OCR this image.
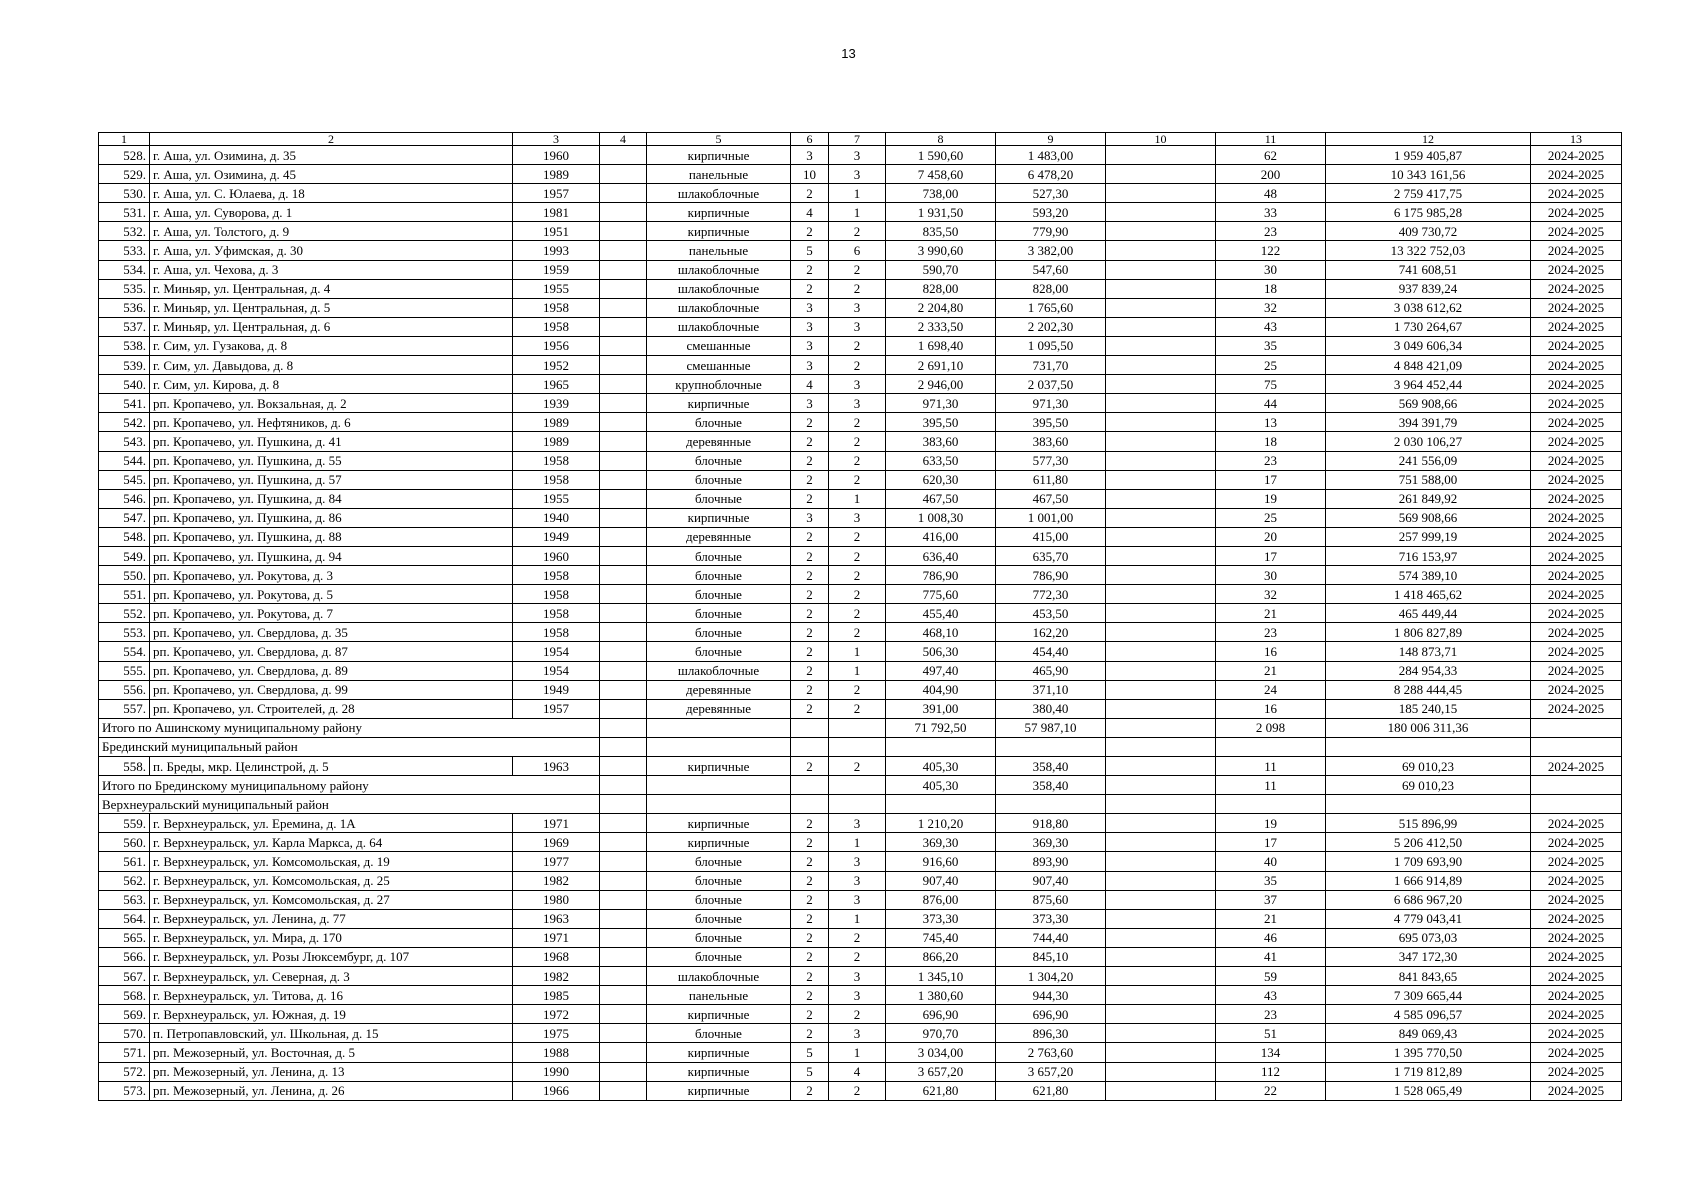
13
1	2	3	4	5	6	7	8	9	10	11	12	13
528.	г. Аша, ул. Озимина, д. 35	1960		кирпичные	3	3	1 590,60	1 483,00		62	1 959 405,87	2024-2025
529.	г. Аша, ул. Озимина, д. 45	1989		панельные	10	3	7 458,60	6 478,20		200	10 343 161,56	2024-2025
530.	г. Аша, ул. С. Юлаева, д. 18	1957		шлакоблочные	2	1	738,00	527,30		48	2 759 417,75	2024-2025
531.	г. Аша, ул. Суворова, д. 1	1981		кирпичные	4	1	1 931,50	593,20		33	6 175 985,28	2024-2025
532.	г. Аша, ул. Толстого, д. 9	1951		кирпичные	2	2	835,50	779,90		23	409 730,72	2024-2025
533.	г. Аша, ул. Уфимская, д. 30	1993		панельные	5	6	3 990,60	3 382,00		122	13 322 752,03	2024-2025
534.	г. Аша, ул. Чехова, д. 3	1959		шлакоблочные	2	2	590,70	547,60		30	741 608,51	2024-2025
535.	г. Миньяр, ул. Центральная, д. 4	1955		шлакоблочные	2	2	828,00	828,00		18	937 839,24	2024-2025
536.	г. Миньяр, ул. Центральная, д. 5	1958		шлакоблочные	3	3	2 204,80	1 765,60		32	3 038 612,62	2024-2025
537.	г. Миньяр, ул. Центральная, д. 6	1958		шлакоблочные	3	3	2 333,50	2 202,30		43	1 730 264,67	2024-2025
538.	г. Сим, ул. Гузакова, д. 8	1956		смешанные	3	2	1 698,40	1 095,50		35	3 049 606,34	2024-2025
539.	г. Сим, ул. Давыдова, д. 8	1952		смешанные	3	2	2 691,10	731,70		25	4 848 421,09	2024-2025
540.	г. Сим, ул. Кирова, д. 8	1965		крупноблочные	4	3	2 946,00	2 037,50		75	3 964 452,44	2024-2025
541.	рп. Кропачево, ул. Вокзальная, д. 2	1939		кирпичные	3	3	971,30	971,30		44	569 908,66	2024-2025
542.	рп. Кропачево, ул. Нефтяников, д. 6	1989		блочные	2	2	395,50	395,50		13	394 391,79	2024-2025
543.	рп. Кропачево, ул. Пушкина, д. 41	1989		деревянные	2	2	383,60	383,60		18	2 030 106,27	2024-2025
544.	рп. Кропачево, ул. Пушкина, д. 55	1958		блочные	2	2	633,50	577,30		23	241 556,09	2024-2025
545.	рп. Кропачево, ул. Пушкина, д. 57	1958		блочные	2	2	620,30	611,80		17	751 588,00	2024-2025
546.	рп. Кропачево, ул. Пушкина, д. 84	1955		блочные	2	1	467,50	467,50		19	261 849,92	2024-2025
547.	рп. Кропачево, ул. Пушкина, д. 86	1940		кирпичные	3	3	1 008,30	1 001,00		25	569 908,66	2024-2025
548.	рп. Кропачево, ул. Пушкина, д. 88	1949		деревянные	2	2	416,00	415,00		20	257 999,19	2024-2025
549.	рп. Кропачево, ул. Пушкина, д. 94	1960		блочные	2	2	636,40	635,70		17	716 153,97	2024-2025
550.	рп. Кропачево, ул. Рокутова, д. 3	1958		блочные	2	2	786,90	786,90		30	574 389,10	2024-2025
551.	рп. Кропачево, ул. Рокутова, д. 5	1958		блочные	2	2	775,60	772,30		32	1 418 465,62	2024-2025
552.	рп. Кропачево, ул. Рокутова, д. 7	1958		блочные	2	2	455,40	453,50		21	465 449,44	2024-2025
553.	рп. Кропачево, ул. Свердлова, д. 35	1958		блочные	2	2	468,10	162,20		23	1 806 827,89	2024-2025
554.	рп. Кропачево, ул. Свердлова, д. 87	1954		блочные	2	1	506,30	454,40		16	148 873,71	2024-2025
555.	рп. Кропачево, ул. Свердлова, д. 89	1954		шлакоблочные	2	1	497,40	465,90		21	284 954,33	2024-2025
556.	рп. Кропачево, ул. Свердлова, д. 99	1949		деревянные	2	2	404,90	371,10		24	8 288 444,45	2024-2025
557.	рп. Кропачево, ул. Строителей, д. 28	1957		деревянные	2	2	391,00	380,40		16	185 240,15	2024-2025
Итого по Ашинскому муниципальному району							71 792,50	57 987,10		2 098	180 006 311,36	
Брединский муниципальный район												
558.	п. Бреды, мкр. Целинстрой, д. 5	1963		кирпичные	2	2	405,30	358,40		11	69 010,23	2024-2025
Итого по Брединскому муниципальному району							405,30	358,40		11	69 010,23	
Верхнеуральский муниципальный район												
559.	г. Верхнеуральск, ул. Еремина, д. 1А	1971		кирпичные	2	3	1 210,20	918,80		19	515 896,99	2024-2025
560.	г. Верхнеуральск, ул. Карла Маркса, д. 64	1969		кирпичные	2	1	369,30	369,30		17	5 206 412,50	2024-2025
561.	г. Верхнеуральск, ул. Комсомольская, д. 19	1977		блочные	2	3	916,60	893,90		40	1 709 693,90	2024-2025
562.	г. Верхнеуральск, ул. Комсомольская, д. 25	1982		блочные	2	3	907,40	907,40		35	1 666 914,89	2024-2025
563.	г. Верхнеуральск, ул. Комсомольская, д. 27	1980		блочные	2	3	876,00	875,60		37	6 686 967,20	2024-2025
564.	г. Верхнеуральск, ул. Ленина, д. 77	1963		блочные	2	1	373,30	373,30		21	4 779 043,41	2024-2025
565.	г. Верхнеуральск, ул. Мира, д. 170	1971		блочные	2	2	745,40	744,40		46	695 073,03	2024-2025
566.	г. Верхнеуральск, ул. Розы Люксембург, д. 107	1968		блочные	2	2	866,20	845,10		41	347 172,30	2024-2025
567.	г. Верхнеуральск, ул. Северная, д. 3	1982		шлакоблочные	2	3	1 345,10	1 304,20		59	841 843,65	2024-2025
568.	г. Верхнеуральск, ул. Титова, д. 16	1985		панельные	2	3	1 380,60	944,30		43	7 309 665,44	2024-2025
569.	г. Верхнеуральск, ул. Южная, д. 19	1972		кирпичные	2	2	696,90	696,90		23	4 585 096,57	2024-2025
570.	п. Петропавловский, ул. Школьная, д. 15	1975		блочные	2	3	970,70	896,30		51	849 069,43	2024-2025
571.	рп. Межозерный, ул. Восточная, д. 5	1988		кирпичные	5	1	3 034,00	2 763,60		134	1 395 770,50	2024-2025
572.	рп. Межозерный, ул. Ленина, д. 13	1990		кирпичные	5	4	3 657,20	3 657,20		112	1 719 812,89	2024-2025
573.	рп. Межозерный, ул. Ленина, д. 26	1966		кирпичные	2	2	621,80	621,80		22	1 528 065,49	2024-2025
